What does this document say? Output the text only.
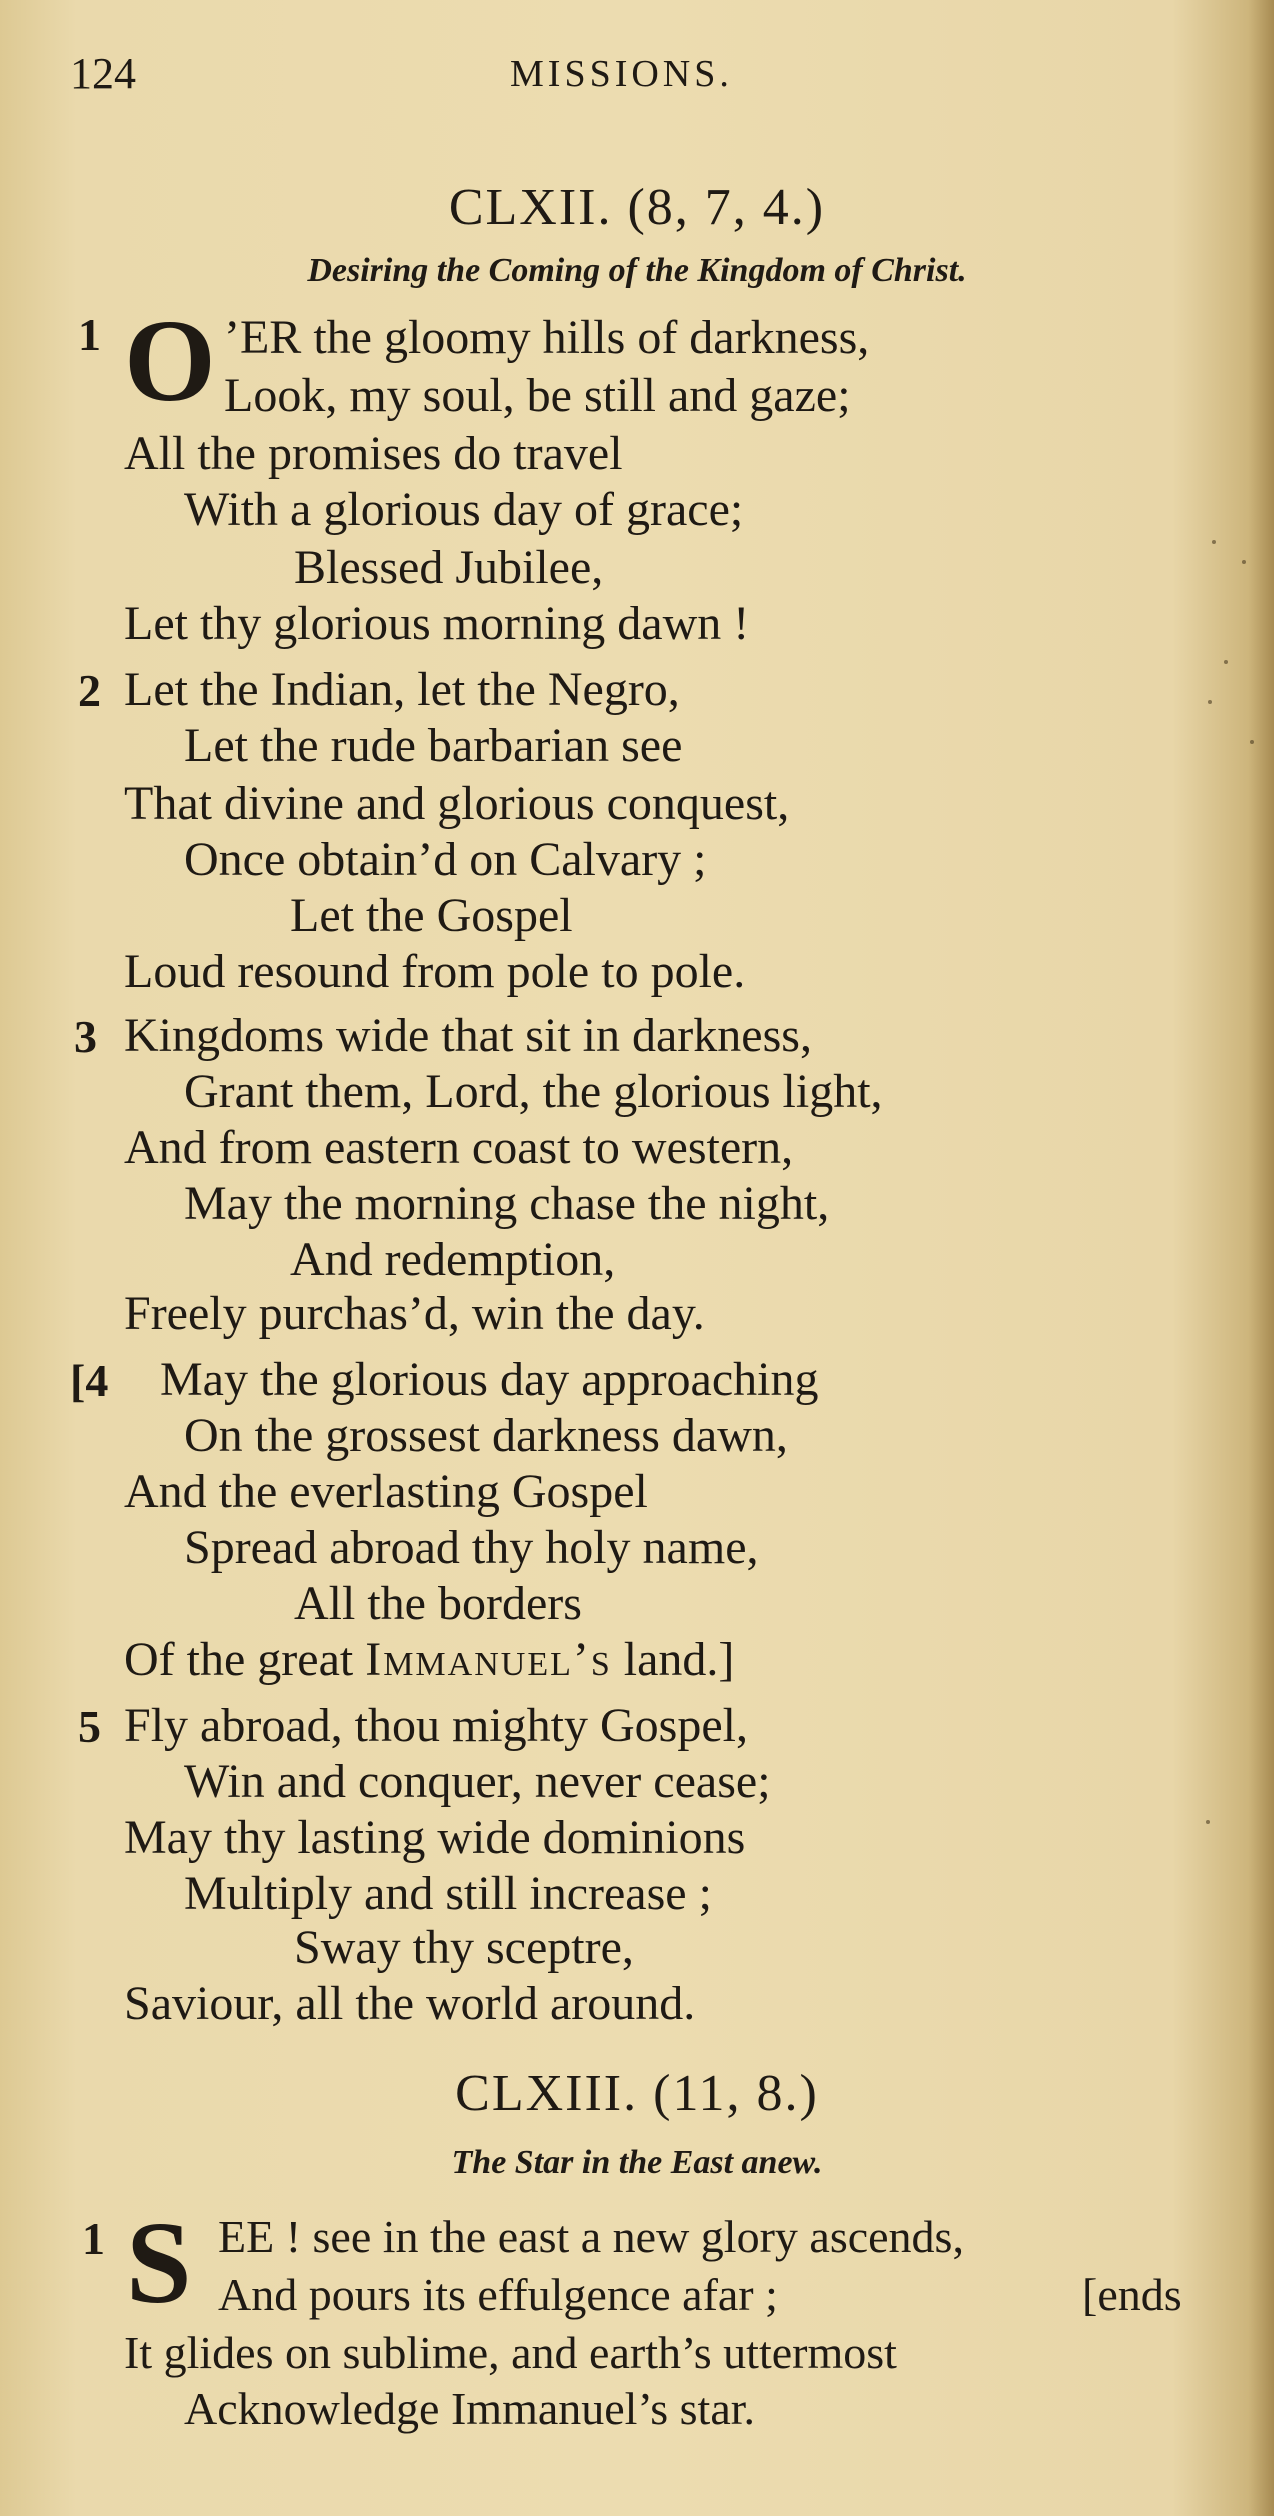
124	MISSIONS.
CLXII. (8, 7, 4.)
Desiring the Coming of the Kingdom of Christ.
1 O ’ER the gloomy hills of darkness,
Look, my soul, be still and gaze;
All the promises do travel
With a glorious day of grace;
Blessed Jubilee,
Let thy glorious morning dawn !
2 Let the Indian, let the Negro,
Let the rude barbarian see
That divine and glorious conquest,
Once obtain’d on Calvary ;
Let the Gospel
Loud resound from pole to pole.
3 Kingdoms wide that sit in darkness,
Grant them, Lord, the glorious light,
And from eastern coast to western,
May the morning chase the night,
And redemption,
Freely purchas’d, win the day.
[4 May the glorious day approaching
On the grossest darkness dawn,
And the everlasting Gospel
Spread abroad thy holy name,
All the borders
Of the great Immanuel’s land.]
5 Fly abroad, thou mighty Gospel,
Win and conquer, never cease;
May thy lasting wide dominions
Multiply and still increase ;
Sway thy sceptre,
Saviour, all the world around.
CLXIII. (11, 8.)
The Star in the East anew.
1 S EE ! see in the east a new glory ascends,
And pours its effulgence afar ;	[ends
It glides on sublime, and earth’s uttermost
Acknowledge Immanuel’s star.
